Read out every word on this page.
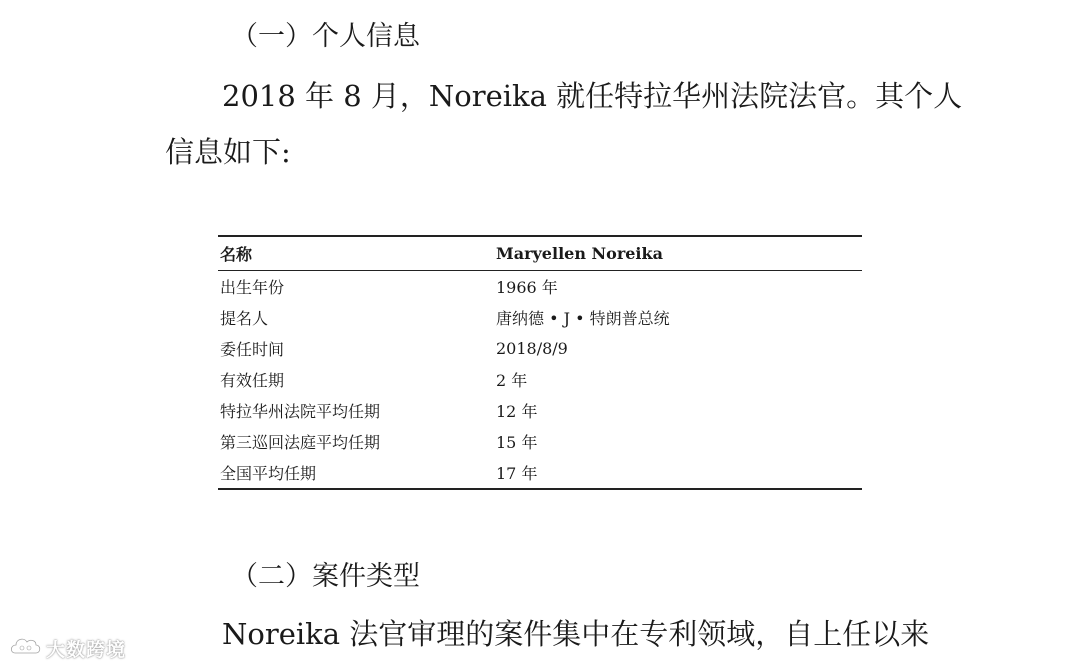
（一）个人信息
2018 年 8 月，Noreika 就任特拉华州法院法官。其个人
信息如下:
名称	Maryellen Noreika
出生年份	1966 年
提名人	唐纳德 • J • 特朗普总统
委任时间	2018/8/9
有效任期	2 年
特拉华州法院平均任期	12 年
第三巡回法庭平均任期	15 年
全国平均任期	17 年
（二）案件类型
Noreika 法官审理的案件集中在专利领域，自上任以来
大数跨境
